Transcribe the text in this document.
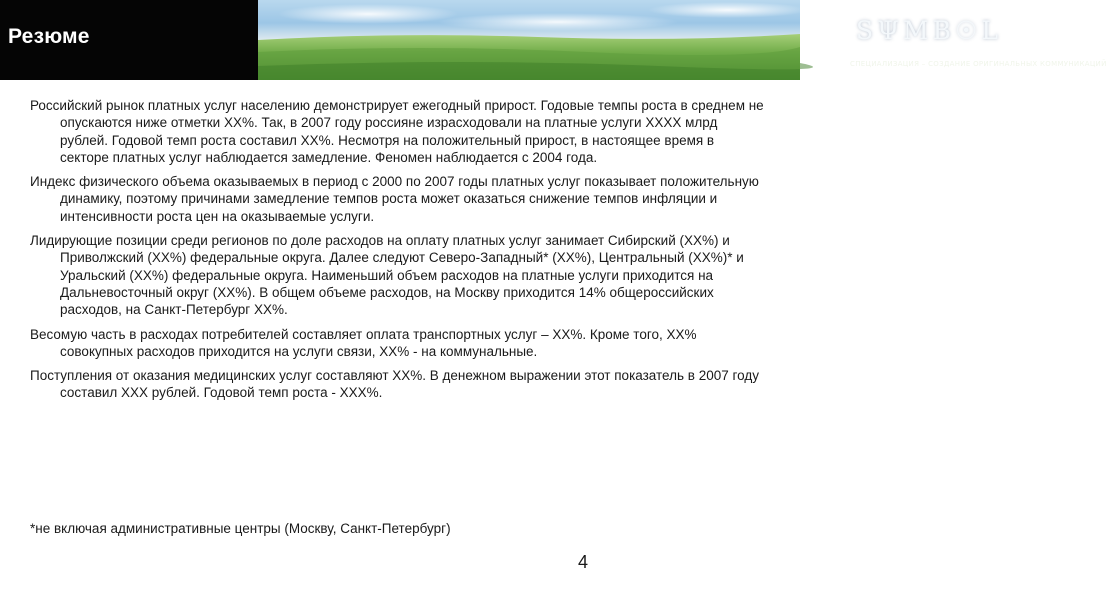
Резюме	SΨMB☉L
СПЕЦИАЛИЗАЦИЯ – СОЗДАНИЕ ОРИГИНАЛЬНЫХ КОММУНИКАЦИЙ

Российский рынок платных услуг населению демонстрирует ежегодный прирост. Годовые темпы роста в среднем не опускаются ниже отметки ХХ%. Так, в 2007 году россияне израсходовали на платные услуги ХХХХ млрд рублей. Годовой темп роста составил ХХ%. Несмотря на положительный прирост, в настоящее время в секторе платных услуг наблюдается замедление. Феномен наблюдается с 2004 года.

Индекс физического объема оказываемых в период с 2000 по 2007 годы платных услуг показывает положительную динамику, поэтому причинами замедление темпов роста может оказаться снижение темпов инфляции и интенсивности роста цен на оказываемые услуги.

Лидирующие позиции среди регионов по доле расходов на оплату платных услуг занимает Сибирский (ХХ%) и Приволжский (ХХ%) федеральные округа. Далее следуют Северо-Западный* (ХХ%), Центральный (ХХ%)* и Уральский (ХХ%) федеральные округа. Наименьший объем расходов на платные услуги приходится на Дальневосточный округ (ХХ%). В общем объеме расходов, на Москву приходится 14% общероссийских расходов, на Санкт-Петербург ХХ%.

Весомую часть в расходах потребителей составляет оплата транспортных услуг – ХХ%. Кроме того, ХХ% совокупных расходов приходится на услуги связи, ХХ% - на коммунальные.

Поступления от оказания медицинских услуг составляют ХХ%. В денежном выражении этот показатель в 2007 году составил ХХХ рублей. Годовой темп роста - ХХХ%.

*не включая административные центры (Москву, Санкт-Петербург)

4
